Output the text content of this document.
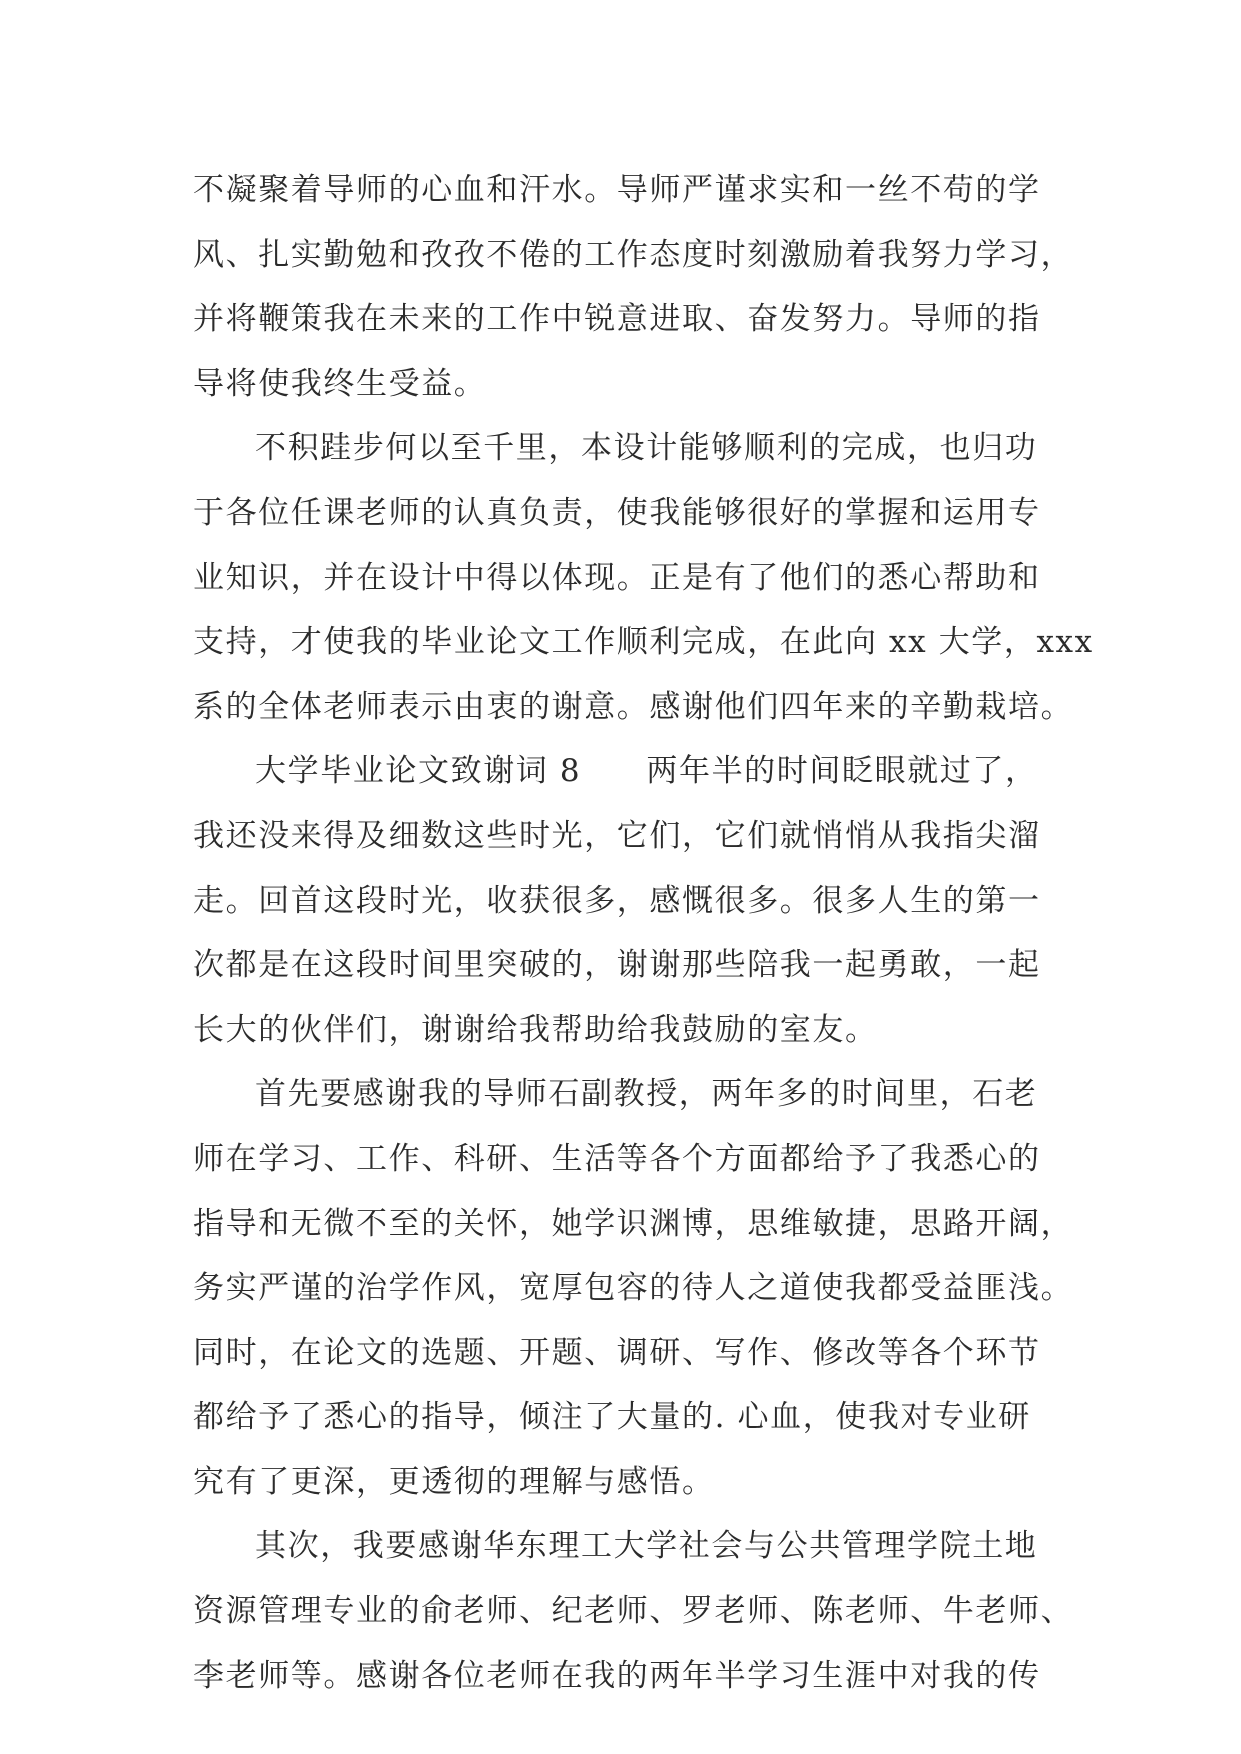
不凝聚着导师的心血和汗水。导师严谨求实和一丝不苟的学
风、扎实勤勉和孜孜不倦的工作态度时刻激励着我努力学习，
并将鞭策我在未来的工作中锐意进取、奋发努力。导师的指
导将使我终生受益。
不积跬步何以至千里，本设计能够顺利的完成，也归功
于各位任课老师的认真负责，使我能够很好的掌握和运用专
业知识，并在设计中得以体现。正是有了他们的悉心帮助和
支持，才使我的毕业论文工作顺利完成，在此向 xx 大学，xxx
系的全体老师表示由衷的谢意。感谢他们四年来的辛勤栽培。
大学毕业论文致谢词 8　　两年半的时间眨眼就过了，
我还没来得及细数这些时光，它们，它们就悄悄从我指尖溜
走。回首这段时光，收获很多，感慨很多。很多人生的第一
次都是在这段时间里突破的，谢谢那些陪我一起勇敢，一起
长大的伙伴们，谢谢给我帮助给我鼓励的室友。
首先要感谢我的导师石副教授，两年多的时间里，石老
师在学习、工作、科研、生活等各个方面都给予了我悉心的
指导和无微不至的关怀，她学识渊博，思维敏捷，思路开阔，
务实严谨的治学作风，宽厚包容的待人之道使我都受益匪浅。
同时，在论文的选题、开题、调研、写作、修改等各个环节
都给予了悉心的指导，倾注了大量的. 心血，使我对专业研
究有了更深，更透彻的理解与感悟。
其次，我要感谢华东理工大学社会与公共管理学院土地
资源管理专业的俞老师、纪老师、罗老师、陈老师、牛老师、
李老师等。感谢各位老师在我的两年半学习生涯中对我的传
